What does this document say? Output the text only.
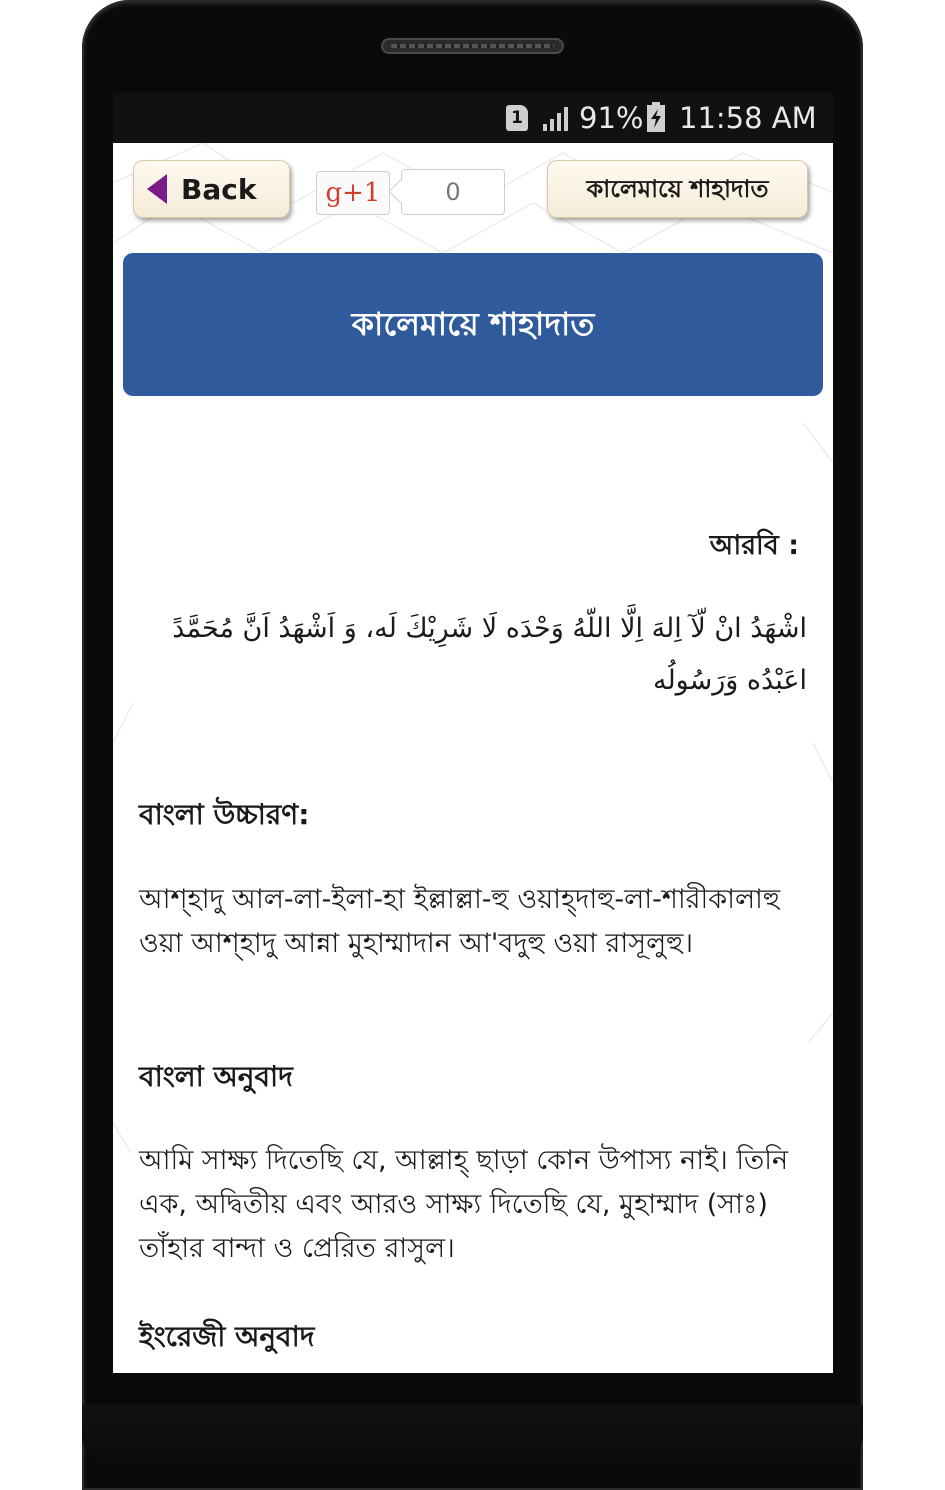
1 91% 11:58 AM
Back	g+1	0	কালেমায়ে শাহাদাত
কালেমায়ে শাহাদাত
আরবি :
اشْهَدُ انْ لّآ اِلهَ اِلَّا اللّهُ وَحْدَه لَا شَرِيْكَ لَه، وَ اَشْهَدُ اَنَّ مُحَمَّدً اعَبْدُه وَرَسُولُه
বাংলা উচ্চারণ:
আশ্হাদু আল-লা-ইলা-হা ইল্লাল্লা-হু ওয়াহ্দাহু-লা-শারীকালাহু ওয়া আশ্হাদু আন্না মুহাম্মাদান আ'বদুহু ওয়া রাসূলুহু।
বাংলা অনুবাদ
আমি সাক্ষ্য দিতেছি যে, আল্লাহ্ ছাড়া কোন উপাস্য নাই। তিনি এক, অদ্বিতীয় এবং আরও সাক্ষ্য দিতেছি যে, মুহাম্মাদ (সাঃ) তাঁহার বান্দা ও প্রেরিত রাসুল।
ইংরেজী অনুবাদ
